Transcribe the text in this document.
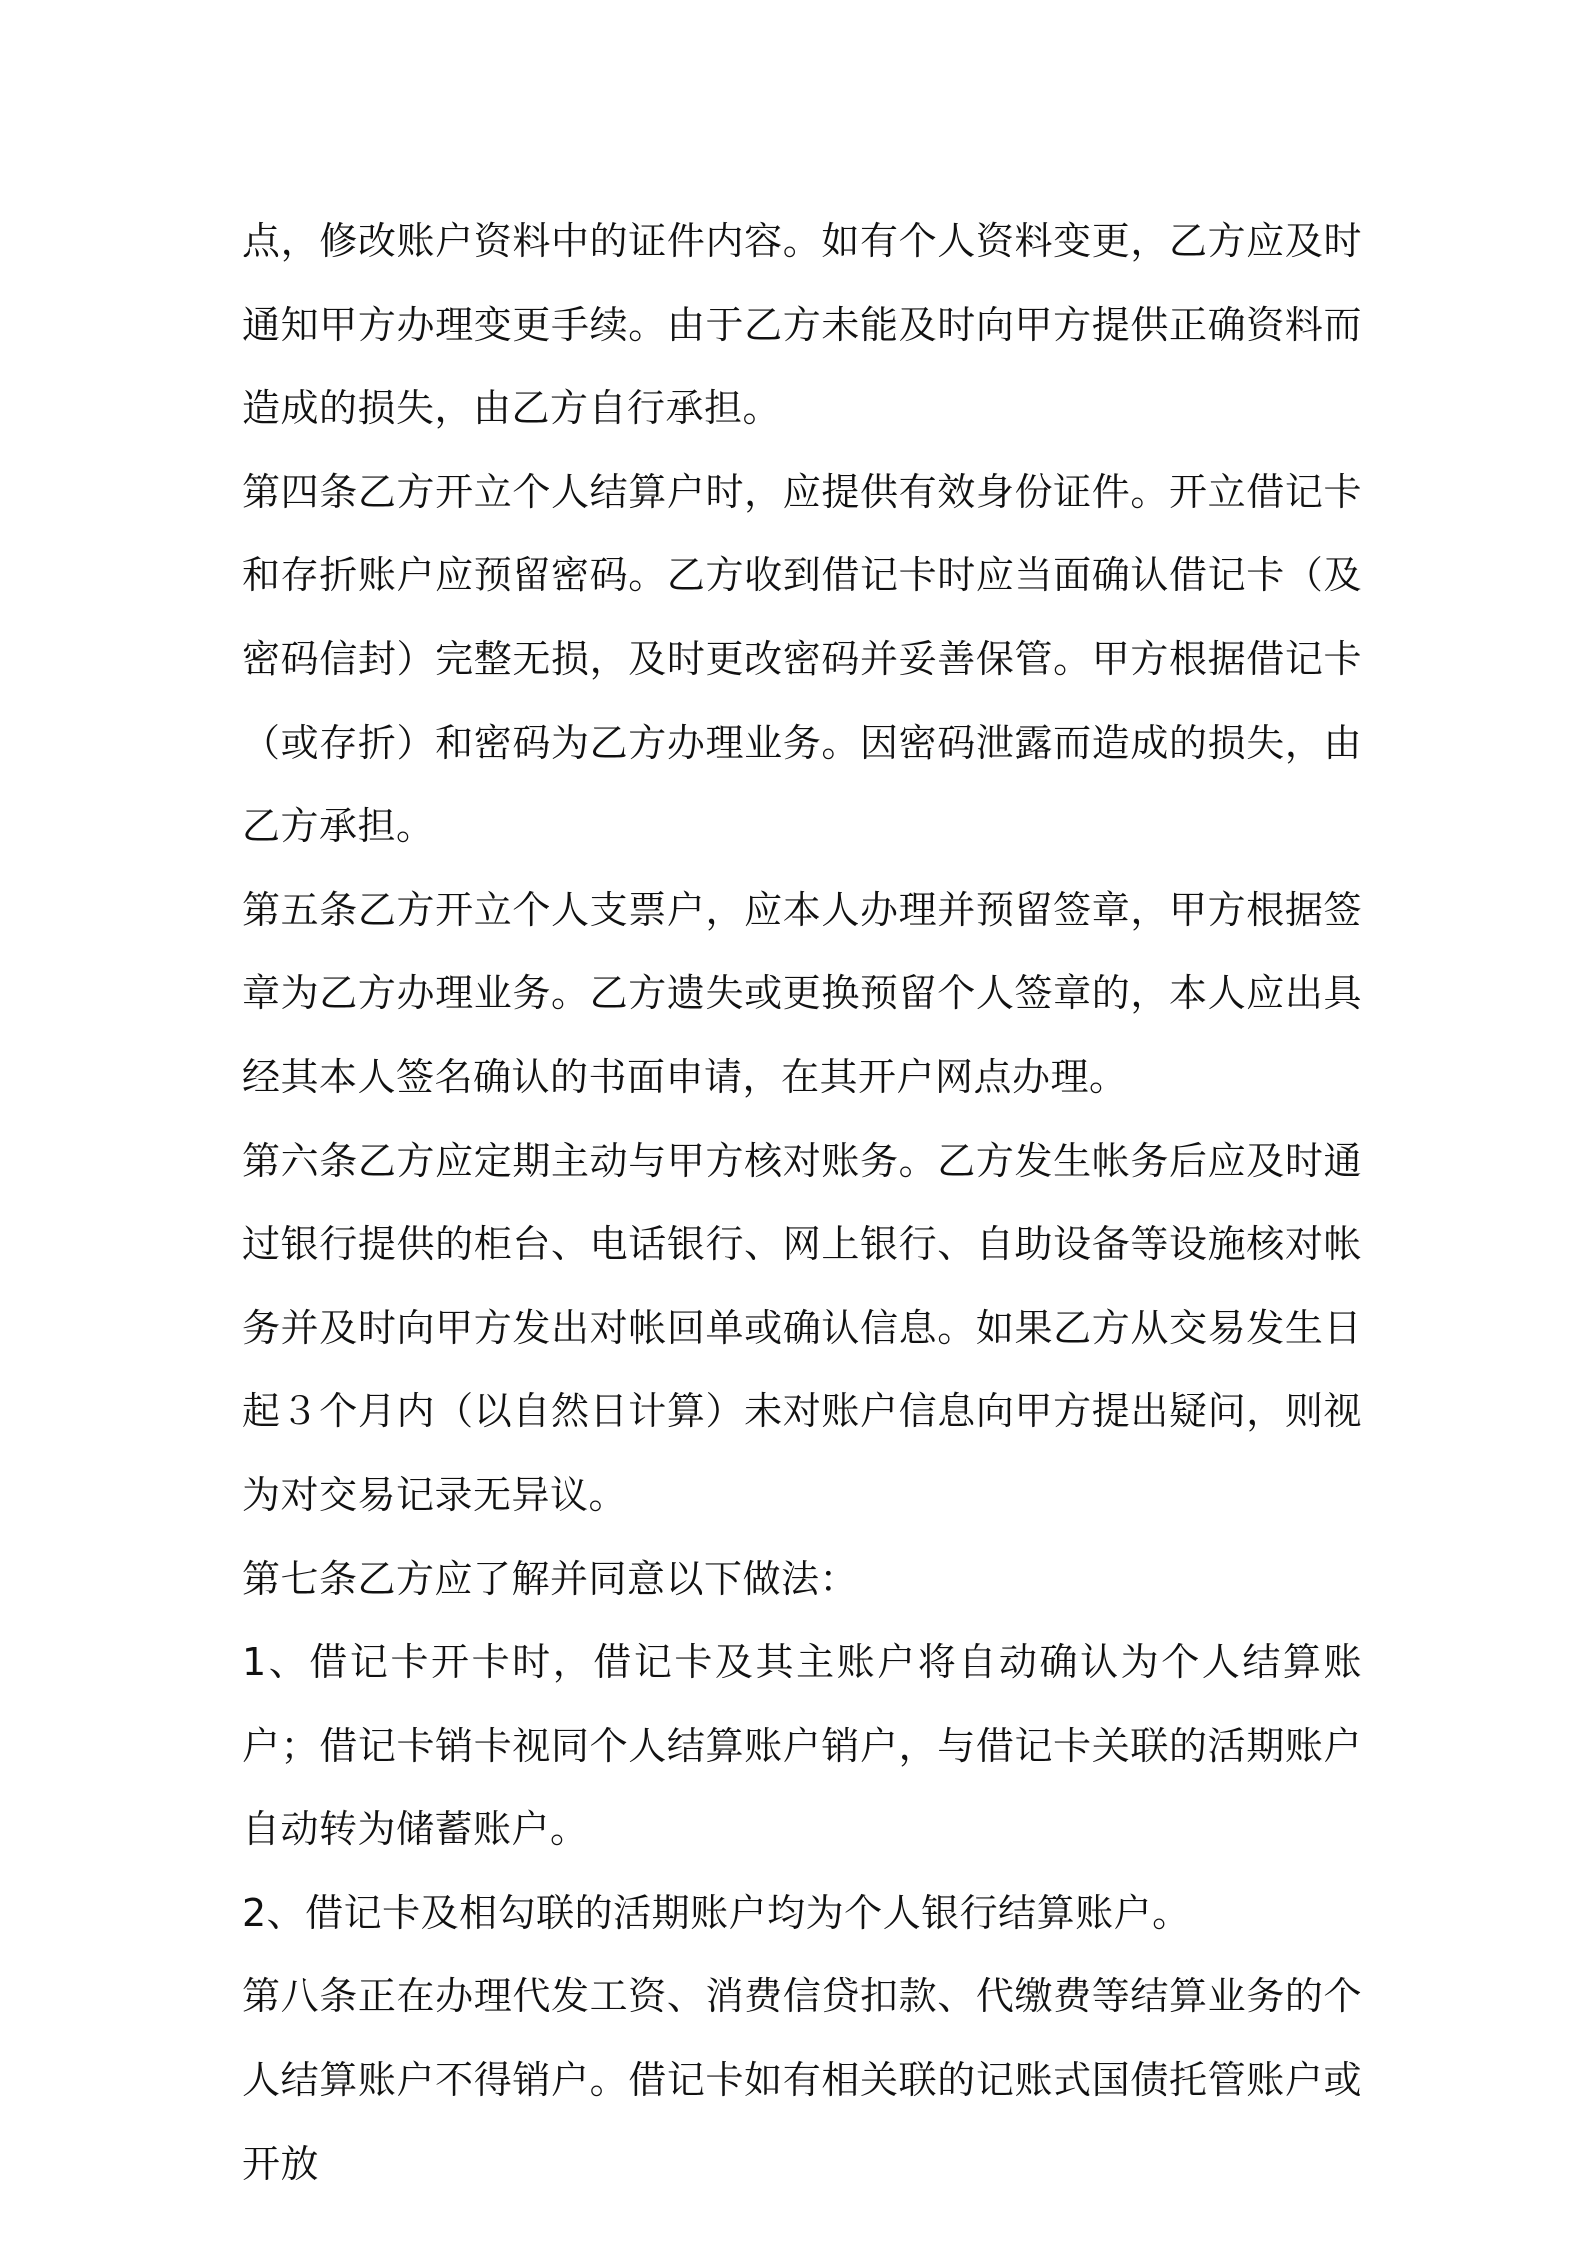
点，修改账户资料中的证件内容。如有个人资料变更，乙方应及时通知甲方办理变更手续。由于乙方未能及时向甲方提供正确资料而造成的损失，由乙方自行承担。

第四条乙方开立个人结算户时，应提供有效身份证件。开立借记卡和存折账户应预留密码。乙方收到借记卡时应当面确认借记卡（及密码信封）完整无损，及时更改密码并妥善保管。甲方根据借记卡（或存折）和密码为乙方办理业务。因密码泄露而造成的损失，由乙方承担。

第五条乙方开立个人支票户，应本人办理并预留签章，甲方根据签章为乙方办理业务。乙方遗失或更换预留个人签章的，本人应出具经其本人签名确认的书面申请，在其开户网点办理。

第六条乙方应定期主动与甲方核对账务。乙方发生帐务后应及时通过银行提供的柜台、电话银行、网上银行、自助设备等设施核对帐务并及时向甲方发出对帐回单或确认信息。如果乙方从交易发生日起３个月内（以自然日计算）未对账户信息向甲方提出疑问，则视为对交易记录无异议。

第七条乙方应了解并同意以下做法：

1、借记卡开卡时，借记卡及其主账户将自动确认为个人结算账户；借记卡销卡视同个人结算账户销户，与借记卡关联的活期账户自动转为储蓄账户。

2、借记卡及相勾联的活期账户均为个人银行结算账户。

第八条正在办理代发工资、消费信贷扣款、代缴费等结算业务的个人结算账户不得销户。借记卡如有相关联的记账式国债托管账户或开放
